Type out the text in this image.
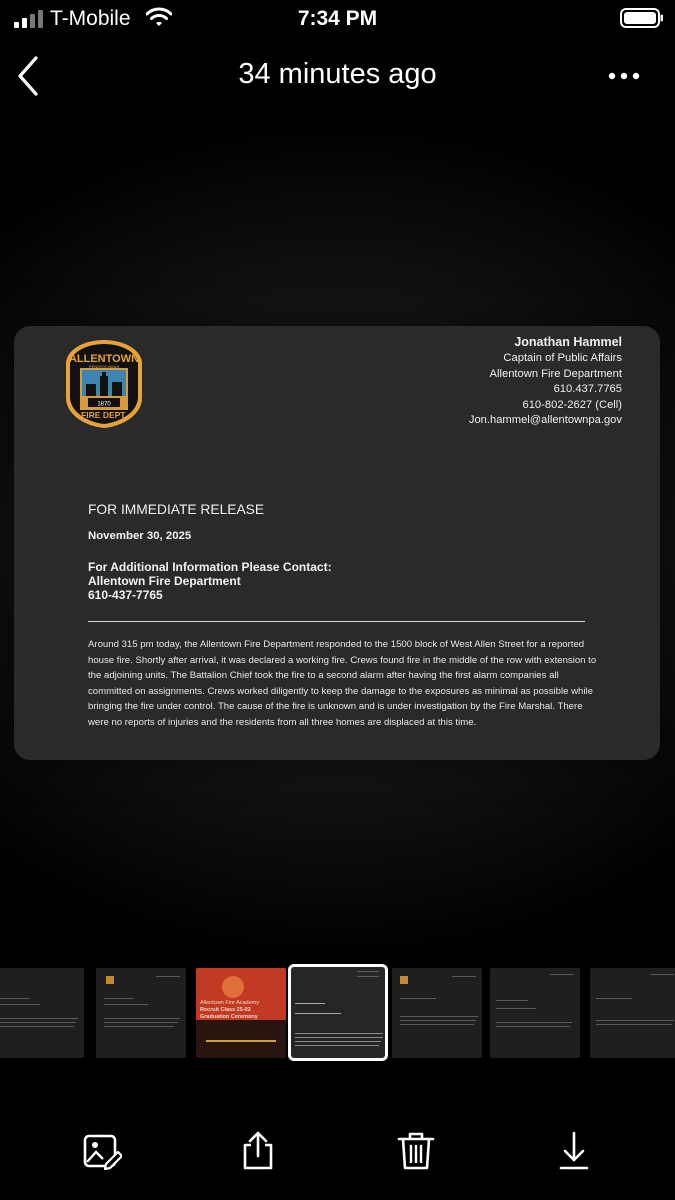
T-Mobile	7:34 PM
34 minutes ago
ALLENTOWN
PENNSYLVANIA
1870
FIRE DEPT.
Jonathan Hammel
Captain of Public Affairs
Allentown Fire Department
610.437.7765
610-802-2627 (Cell)
Jon.hammel@allentownpa.gov
FOR IMMEDIATE RELEASE
November 30, 2025
For Additional Information Please Contact:
Allentown Fire Department
610-437-7765
Around 315 pm today, the Allentown Fire Department responded to the 1500 block of West Allen Street for a reported house fire. Shortly after arrival, it was declared a working fire. Crews found fire in the middle of the row with extension to the adjoining units. The Battalion Chief took the fire to a second alarm after having the first alarm companies all committed on assignments. Crews worked diligently to keep the damage to the exposures as minimal as possible while bringing the fire under control. The cause of the fire is unknown and is under investigation by the Fire Marshal. There were no reports of injuries and the residents from all three homes are displaced at this time.
Allentown Fire Academy
Recruit Class 25-02
Graduation Ceremony
